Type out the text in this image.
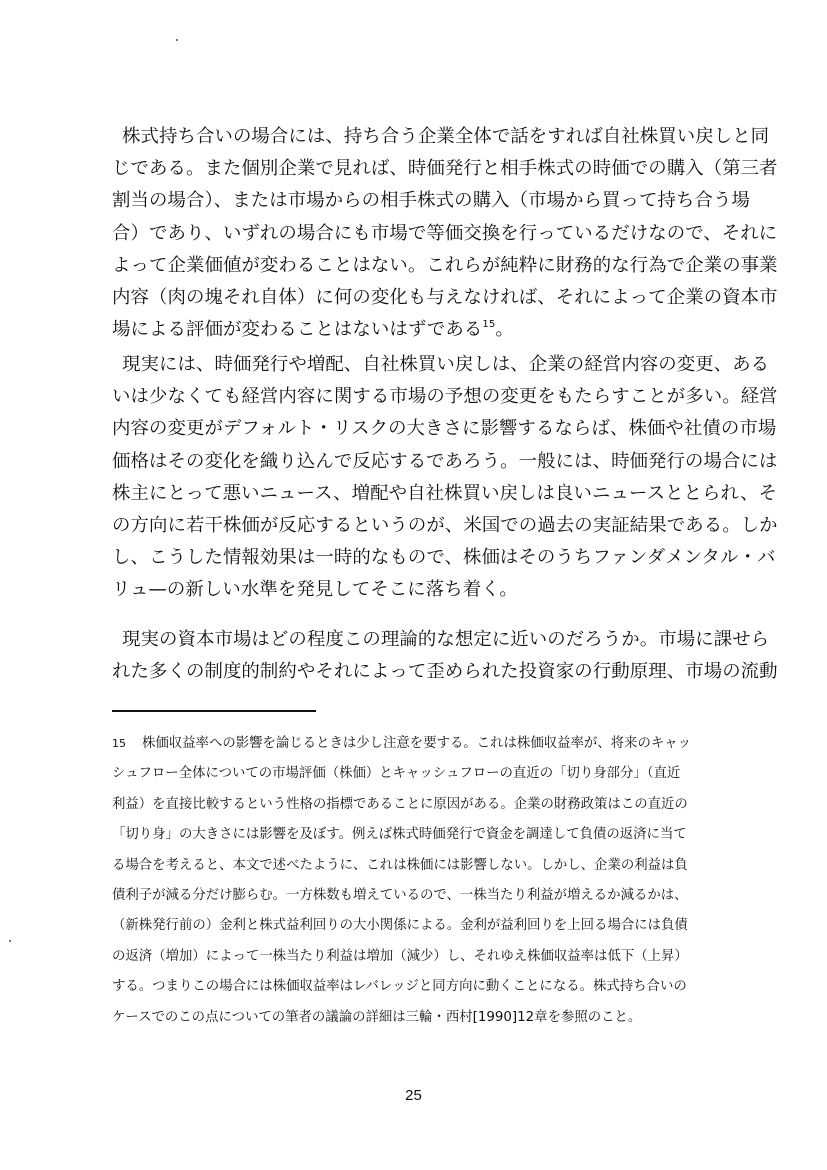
株式持ち合いの場合には、持ち合う企業全体で話をすれば自社株買い戻しと同
じである。また個別企業で見れば、時価発行と相手株式の時価での購入（第三者
割当の場合）、または市場からの相手株式の購入（市場から買って持ち合う場
合）であり、いずれの場合にも市場で等価交換を行っているだけなので、それに
よって企業価値が変わることはない。これらが純粋に財務的な行為で企業の事業
内容（肉の塊それ自体）に何の変化も与えなければ、それによって企業の資本市
場による評価が変わることはないはずである$^{15}$。
現実には、時価発行や増配、自社株買い戻しは、企業の経営内容の変更、ある
いは少なくても経営内容に関する市場の予想の変更をもたらすことが多い。経営
内容の変更がデフォルト・リスクの大きさに影響するならば、株価や社債の市場
価格はその変化を織り込んで反応するであろう。一般には、時価発行の場合には
株主にとって悪いニュース、増配や自社株買い戻しは良いニュースととられ、そ
の方向に若干株価が反応するというのが、米国での過去の実証結果である。しか
し、こうした情報効果は一時的なもので、株価はそのうちファンダメンタル・バ
リュ—の新しい水準を発見してそこに落ち着く。
現実の資本市場はどの程度この理論的な想定に近いのだろうか。市場に課せら
れた多くの制度的制約やそれによって歪められた投資家の行動原理、市場の流動
15 株価収益率への影響を論じるときは少し注意を要する。これは株価収益率が、将来のキャッ
シュフロー全体についての市場評価（株価）とキャッシュフローの直近の「切り身部分」（直近
利益）を直接比較するという性格の指標であることに原因がある。企業の財務政策はこの直近の
「切り身」の大きさには影響を及ぼす。例えば株式時価発行で資金を調達して負債の返済に当て
る場合を考えると、本文で述べたように、これは株価には影響しない。しかし、企業の利益は負
債利子が減る分だけ膨らむ。一方株数も増えているので、一株当たり利益が増えるか減るかは、
（新株発行前の）金利と株式益利回りの大小関係による。金利が益利回りを上回る場合には負債
の返済（増加）によって一株当たり利益は増加（減少）し、それゆえ株価収益率は低下（上昇）
する。つまりこの場合には株価収益率はレバレッジと同方向に動くことになる。株式持ち合いの
ケースでのこの点についての筆者の議論の詳細は三輪・西村[1990]12章を参照のこと。
25
